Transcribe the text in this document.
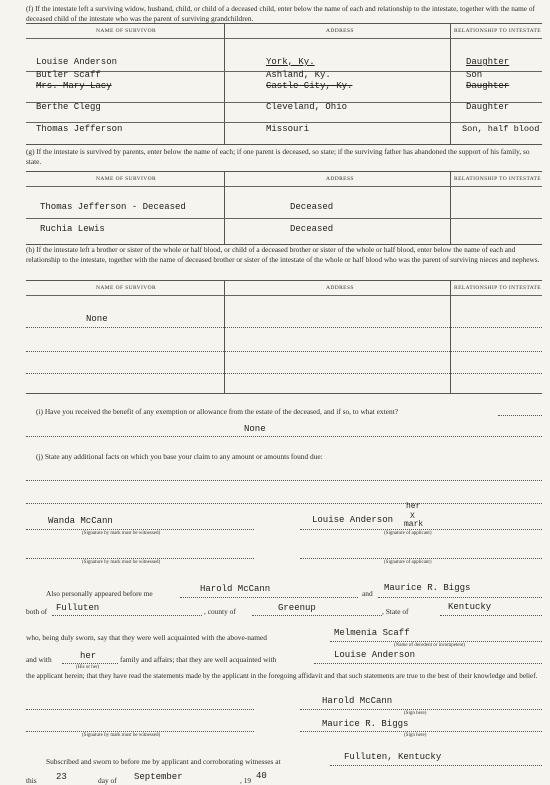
(f) If the intestate left a surviving widow, husband, child, or child of a deceased child, enter below the name of each and relationship to the intestate, together with the name of deceased child of the intestate who was the parent of surviving grandchildren.
NAME OF SURVIVOR	ADDRESS	RELATIONSHIP TO INTESTATE
Louise Anderson	York, Ky.	Daughter
Butler Scaff	Ashland, Ky.	Son
Mrs. Mary Lacy	Castle City, Ky.	Daughter
Berthe Clegg	Cleveland, Ohio	Daughter
Thomas Jefferson	Missouri	Son, half blood
(g) If the intestate is survived by parents, enter below the name of each; if one parent is deceased, so state; if the surviving father has abandoned the support of his family, so state.
NAME OF SURVIVOR	ADDRESS	RELATIONSHIP TO INTESTATE
Thomas Jefferson - Deceased	Deceased
Ruchia Lewis	Deceased
(h) If the intestate left a brother or sister of the whole or half blood, or child of a deceased brother or sister of the whole or half blood, enter below the name of each and relationship to the intestate, together with the name of deceased brother or sister of the intestate of the whole or half blood who was the parent of surviving nieces and nephews.
NAME OF SURVIVOR	ADDRESS	RELATIONSHIP TO INTESTATE
None
(i) Have you received the benefit of any exemption or allowance from the estate of the deceased, and if so, to what extent?
None
(j) State any additional facts on which you base your claim to any amount or amounts found due:
Wanda McCann
(Signature by mark must be witnessed)
her
Louise Anderson X
mark
(Signature of applicant)
(Signature by mark must be witnessed)	(Signature of applicant)
Also personally appeared before me	Harold McCann	and
Maurice R. Biggs
both of Fulluten	, county of	Greenup	, State of	Kentucky
who, being duly sworn, say that they were well acquainted with the above-named	Melmenia Scaff
(Name of decedent or incompetent)
and with	her
(His or her)
family and affairs; that they are well acquainted with	Louise Anderson
the applicant herein; that they have read the statements made by the applicant in the foregoing affidavit and that such statements are true to the best of their knowledge and belief.
Harold McCann
(Sign here)
Maurice R. Biggs
(Signature by mark must be witnessed)	(Sign here)
Subscribed and sworn to before me by applicant and corroborating witnesses at	Fulluten, Kentucky
this 23	day of September	, 19 40
